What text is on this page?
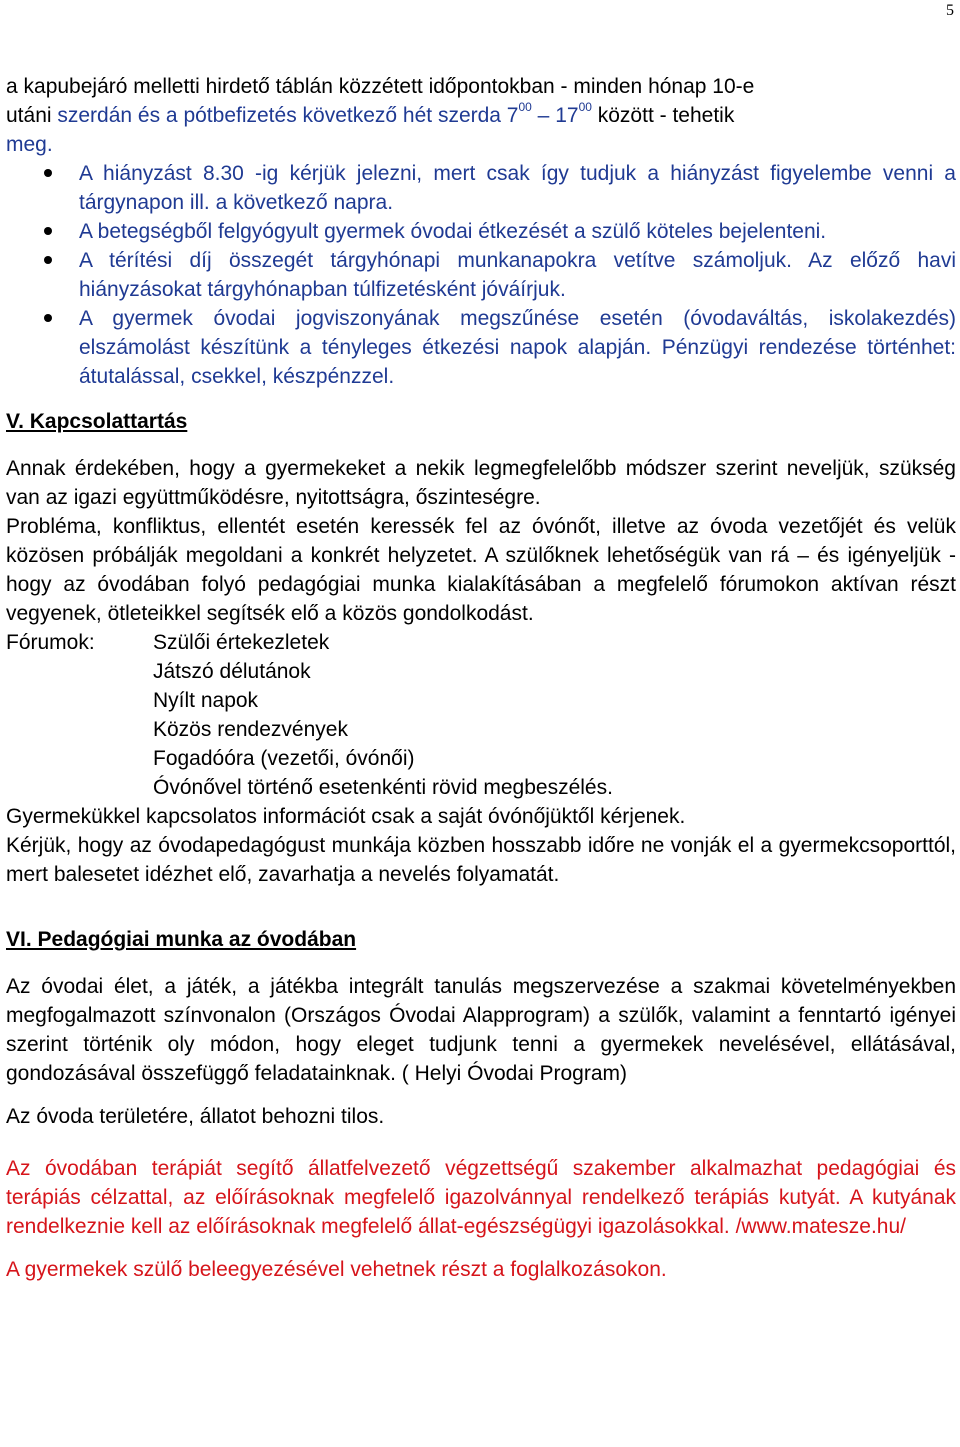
5
a kapubejáró melletti hirdető táblán közzétett időpontokban - minden hónap 10-e
utáni szerdán és a pótbefizetés következő hét szerda $7^{00} - 17^{00}$ között - tehetik
meg.
A hiányzást 8.30 -ig kérjük jelezni, mert csak így tudjuk a hiányzást figyelembe venni a tárgynapon ill. a következő napra.
A betegségből felgyógyult gyermek óvodai étkezését a szülő köteles bejelenteni.
A térítési díj összegét tárgyhónapi munkanapokra vetítve számoljuk. Az előző havi hiányzásokat tárgyhónapban túlfizetésként jóváírjuk.
A gyermek óvodai jogviszonyának megszűnése esetén (óvodaváltás, iskolakezdés) elszámolást készítünk a tényleges étkezési napok alapján. Pénzügyi rendezése történhet: átutalással, csekkel, készpénzzel.
V. Kapcsolattartás

Annak érdekében, hogy a gyermekeket a nekik legmegfelelőbb módszer szerint neveljük, szükség van az igazi együttműködésre, nyitottságra, őszinteségre.

Probléma, konfliktus, ellentét esetén keressék fel az óvónőt, illetve az óvoda vezetőjét és velük közösen próbálják megoldani a konkrét helyzetet. A szülőknek lehetőségük van rá – és igényeljük - hogy az óvodában folyó pedagógiai munka kialakításában a megfelelő fórumokon aktívan részt vegyenek, ötleteikkel segítsék elő a közös gondolkodást.

Fórumok:	Szülői értekezletek
Játszó délutánok
Nyílt napok
Közös rendezvények
Fogadóóra (vezetői, óvónői)
Óvónővel történő esetenkénti rövid megbeszélés.

Gyermekükkel kapcsolatos információt csak a saját óvónőjüktől kérjenek.

Kérjük, hogy az óvodapedagógust munkája közben hosszabb időre ne vonják el a gyermekcsoporttól, mert balesetet idézhet elő, zavarhatja a nevelés folyamatát.

VI. Pedagógiai munka az óvodában

Az óvodai élet, a játék, a játékba integrált tanulás megszervezése a szakmai követelményekben megfogalmazott színvonalon (Országos Óvodai Alapprogram) a szülők, valamint a fenntartó igényei szerint történik oly módon, hogy eleget tudjunk tenni a gyermekek nevelésével, ellátásával, gondozásával összefüggő feladatainknak. ( Helyi Óvodai Program)

Az óvoda területére, állatot behozni tilos.

Az óvodában terápiát segítő állatfelvezető végzettségű szakember alkalmazhat pedagógiai és terápiás célzattal, az előírásoknak megfelelő igazolvánnyal rendelkező terápiás kutyát. A kutyának rendelkeznie kell az előírásoknak megfelelő állat-egészségügyi igazolásokkal. /www.matesze.hu/

A gyermekek szülő beleegyezésével vehetnek részt a foglalkozásokon.
